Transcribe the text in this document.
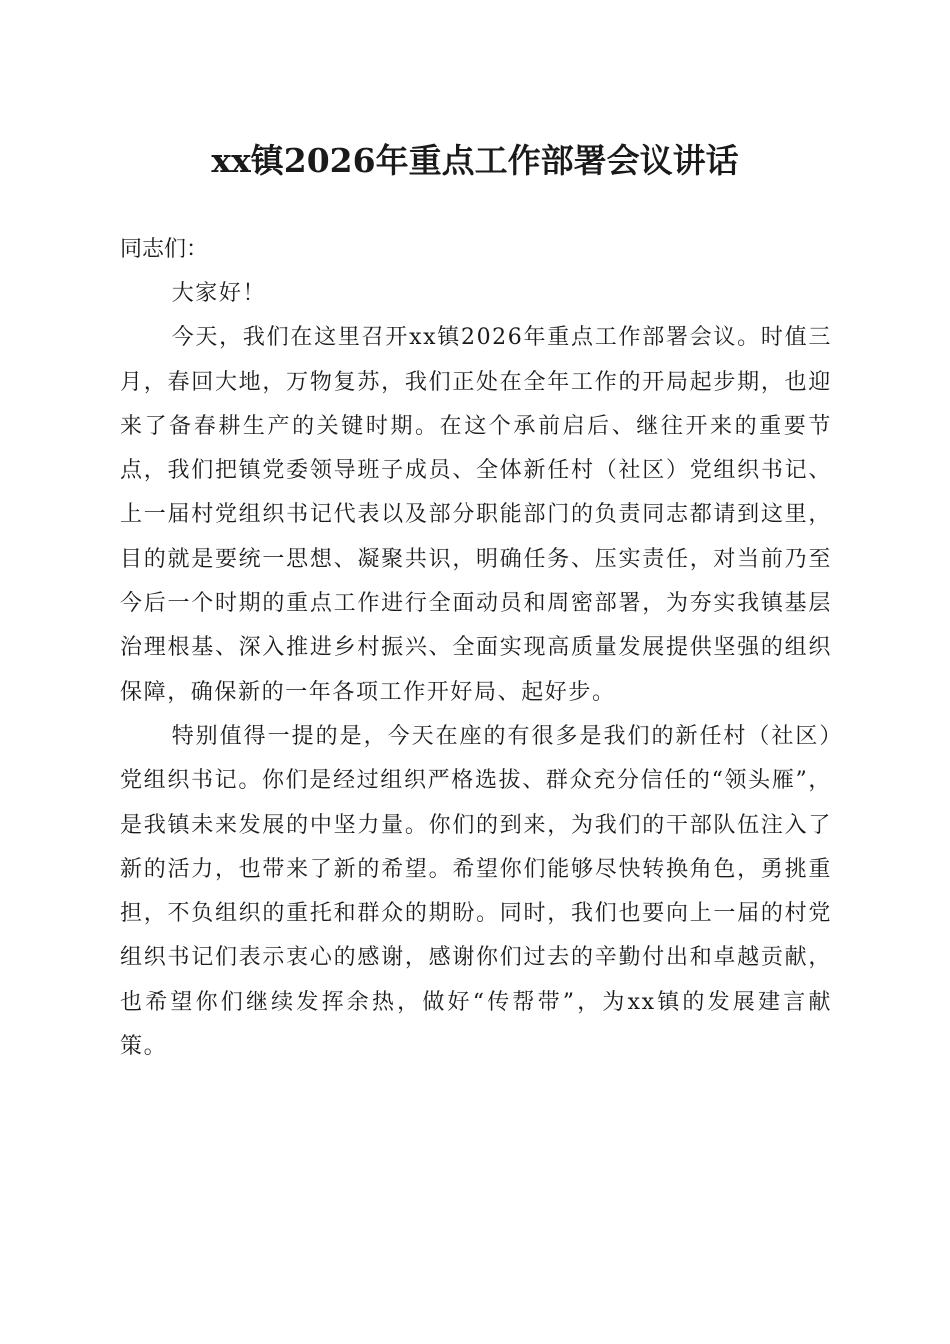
xx镇2026年重点工作部署会议讲话

同志们：

大家好！

今天，我们在这里召开xx镇2026年重点工作部署会议。时值三月，春回大地，万物复苏，我们正处在全年工作的开局起步期，也迎来了备春耕生产的关键时期。在这个承前启后、继往开来的重要节点，我们把镇党委领导班子成员、全体新任村（社区）党组织书记、上一届村党组织书记代表以及部分职能部门的负责同志都请到这里，目的就是要统一思想、凝聚共识，明确任务、压实责任，对当前乃至今后一个时期的重点工作进行全面动员和周密部署，为夯实我镇基层治理根基、深入推进乡村振兴、全面实现高质量发展提供坚强的组织保障，确保新的一年各项工作开好局、起好步。

特别值得一提的是，今天在座的有很多是我们的新任村（社区）党组织书记。你们是经过组织严格选拔、群众充分信任的“领头雁”，是我镇未来发展的中坚力量。你们的到来，为我们的干部队伍注入了新的活力，也带来了新的希望。希望你们能够尽快转换角色，勇挑重担，不负组织的重托和群众的期盼。同时，我们也要向上一届的村党组织书记们表示衷心的感谢，感谢你们过去的辛勤付出和卓越贡献，也希望你们继续发挥余热，做好“传帮带”，为xx镇的发展建言献策。
